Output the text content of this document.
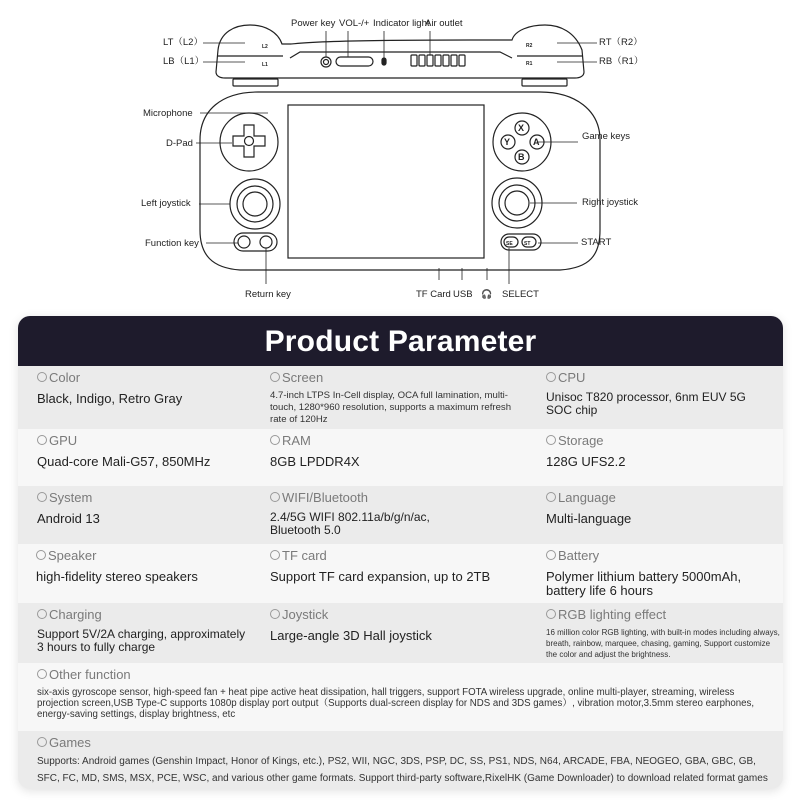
L2
L1
R2
R1
X
Y	A
B
SE ST
LT（L2）
LB（L1）
RT（R2）
RB（R1）
Power key VOL-/+ Indicator light
Air outlet
Microphone
D-Pad
Left joystick
Function key
Return key
Game keys
Right joystick
START
TF Card USB 🎧 SELECT
Product Parameter
Color
Black, Indigo, Retro Gray
Screen
4.7-inch LTPS In-Cell display, OCA full lamination, multi-touch, 1280*960 resolution, supports a maximum refresh rate of 120Hz
CPU
Unisoc T820 processor, 6nm EUV 5G SOC chip
GPU
Quad-core Mali-G57, 850MHz
RAM
8GB LPDDR4X
Storage
128G UFS2.2
System
Android 13
WIFI/Bluetooth
2.4/5G WIFI 802.11a/b/g/n/ac, Bluetooth 5.0
Language
Multi-language
Speaker
high-fidelity stereo speakers
TF card
Support TF card expansion, up to 2TB
Battery
Polymer lithium battery 5000mAh, battery life 6 hours
Charging
Support 5V/2A charging, approximately 3 hours to fully charge
Joystick
Large-angle 3D Hall joystick
RGB lighting effect
16 million color RGB lighting, with built-in modes including always, breath, rainbow, marquee, chasing, gaming, Support customize the color and adjust the brightness.
Other function
six-axis gyroscope sensor, high-speed fan + heat pipe active heat dissipation, hall triggers, support FOTA wireless upgrade, online multi-player, streaming, wireless projection screen,USB Type-C supports 1080p display port output（Supports dual-screen display for NDS and 3DS games）, vibration motor,3.5mm stereo earphones, energy-saving settings, display brightness, etc
Games
Supports: Android games (Genshin Impact, Honor of Kings, etc.), PS2, WII, NGC, 3DS, PSP, DC, SS, PS1, NDS, N64, ARCADE, FBA, NEOGEO, GBA, GBC, GB, SFC, FC, MD, SMS, MSX, PCE, WSC, and various other game formats. Support third-party software,RixelHK (Game Downloader) to download related format games
